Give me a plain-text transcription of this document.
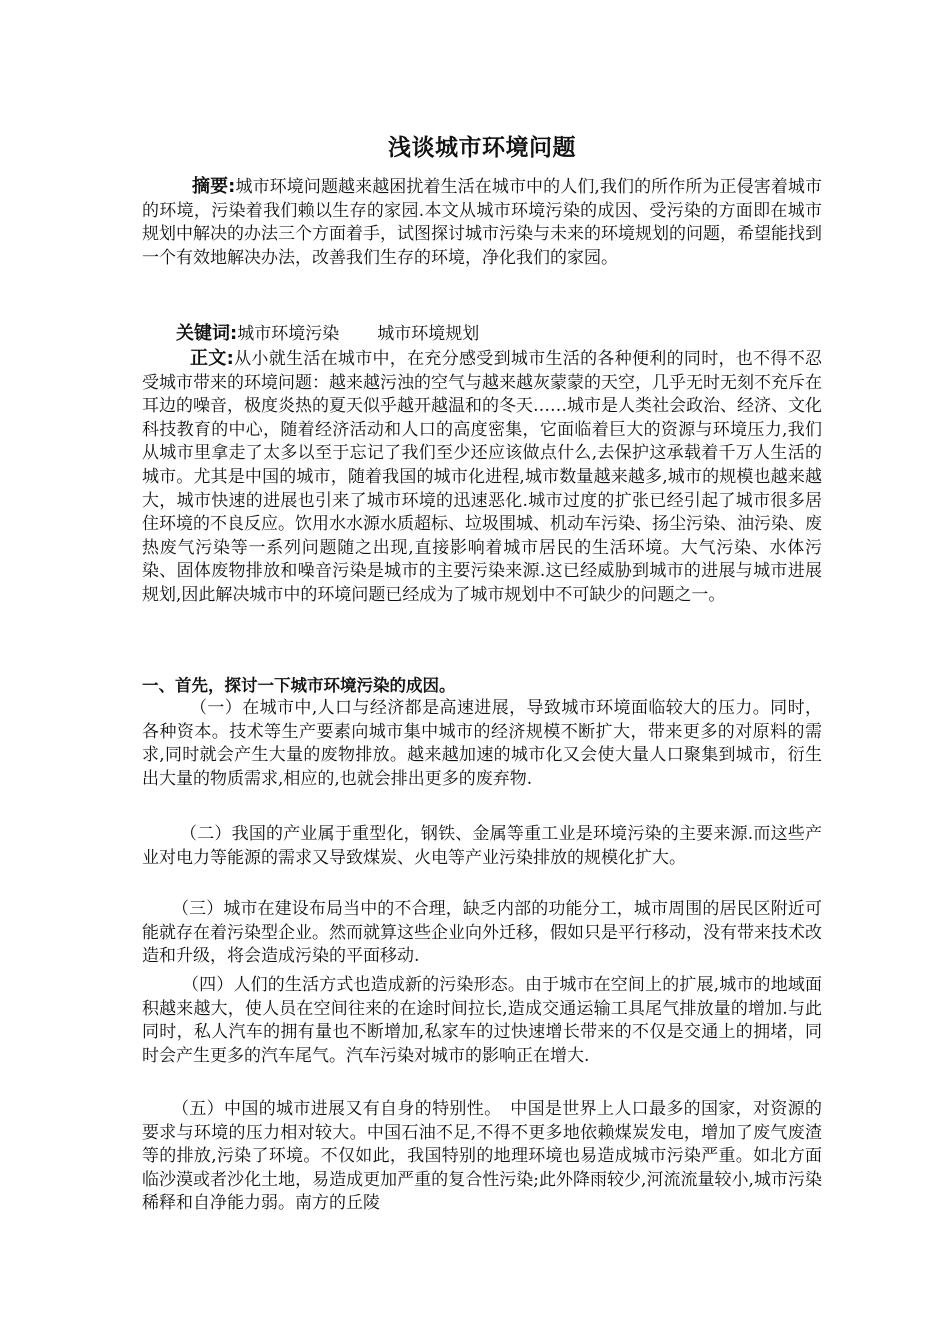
浅谈城市环境问题

摘要:城市环境问题越来越困扰着生活在城市中的人们,我们的所作所为正侵害着城市的环境，污染着我们赖以生存的家园.本文从城市环境污染的成因、受污染的方面即在城市规划中解决的办法三个方面着手，试图探讨城市污染与未来的环境规划的问题，希望能找到一个有效地解决办法，改善我们生存的环境，净化我们的家园。

关键词:城市环境污染 城市环境规划

正文:从小就生活在城市中，在充分感受到城市生活的各种便利的同时，也不得不忍受城市带来的环境问题：越来越污浊的空气与越来越灰蒙蒙的天空，几乎无时无刻不充斥在耳边的噪音，极度炎热的夏天似乎越开越温和的冬天……城市是人类社会政治、经济、文化科技教育的中心，随着经济活动和人口的高度密集，它面临着巨大的资源与环境压力,我们从城市里拿走了太多以至于忘记了我们至少还应该做点什么,去保护这承载着千万人生活的城市。尤其是中国的城市，随着我国的城市化进程,城市数量越来越多,城市的规模也越来越大，城市快速的进展也引来了城市环境的迅速恶化.城市过度的扩张已经引起了城市很多居住环境的不良反应。饮用水水源水质超标、垃圾围城、机动车污染、扬尘污染、油污染、废热废气污染等一系列问题随之出现,直接影响着城市居民的生活环境。大气污染、水体污染、固体废物排放和噪音污染是城市的主要污染来源.这已经威胁到城市的进展与城市进展规划,因此解决城市中的环境问题已经成为了城市规划中不可缺少的问题之一。

一、首先，探讨一下城市环境污染的成因。

（一）在城市中,人口与经济都是高速进展，导致城市环境面临较大的压力。同时，各种资本。技术等生产要素向城市集中城市的经济规模不断扩大，带来更多的对原料的需求,同时就会产生大量的废物排放。越来越加速的城市化又会使大量人口聚集到城市，衍生出大量的物质需求,相应的,也就会排出更多的废弃物.

（二）我国的产业属于重型化，钢铁、金属等重工业是环境污染的主要来源.而这些产业对电力等能源的需求又导致煤炭、火电等产业污染排放的规模化扩大。

（三）城市在建设布局当中的不合理，缺乏内部的功能分工，城市周围的居民区附近可能就存在着污染型企业。然而就算这些企业向外迁移，假如只是平行移动，没有带来技术改造和升级，将会造成污染的平面移动.

（四）人们的生活方式也造成新的污染形态。由于城市在空间上的扩展,城市的地域面积越来越大，使人员在空间往来的在途时间拉长,造成交通运输工具尾气排放量的增加.与此同时，私人汽车的拥有量也不断增加,私家车的过快速增长带来的不仅是交通上的拥堵，同时会产生更多的汽车尾气。汽车污染对城市的影响正在增大.

（五）中国的城市进展又有自身的特别性。　中国是世界上人口最多的国家，对资源的要求与环境的压力相对较大。中国石油不足,不得不更多地依赖煤炭发电，增加了废气废渣等的排放,污染了环境。不仅如此，我国特别的地理环境也易造成城市污染严重。如北方面临沙漠或者沙化土地，易造成更加严重的复合性污染;此外降雨较少,河流流量较小,城市污染稀释和自净能力弱。南方的丘陵
